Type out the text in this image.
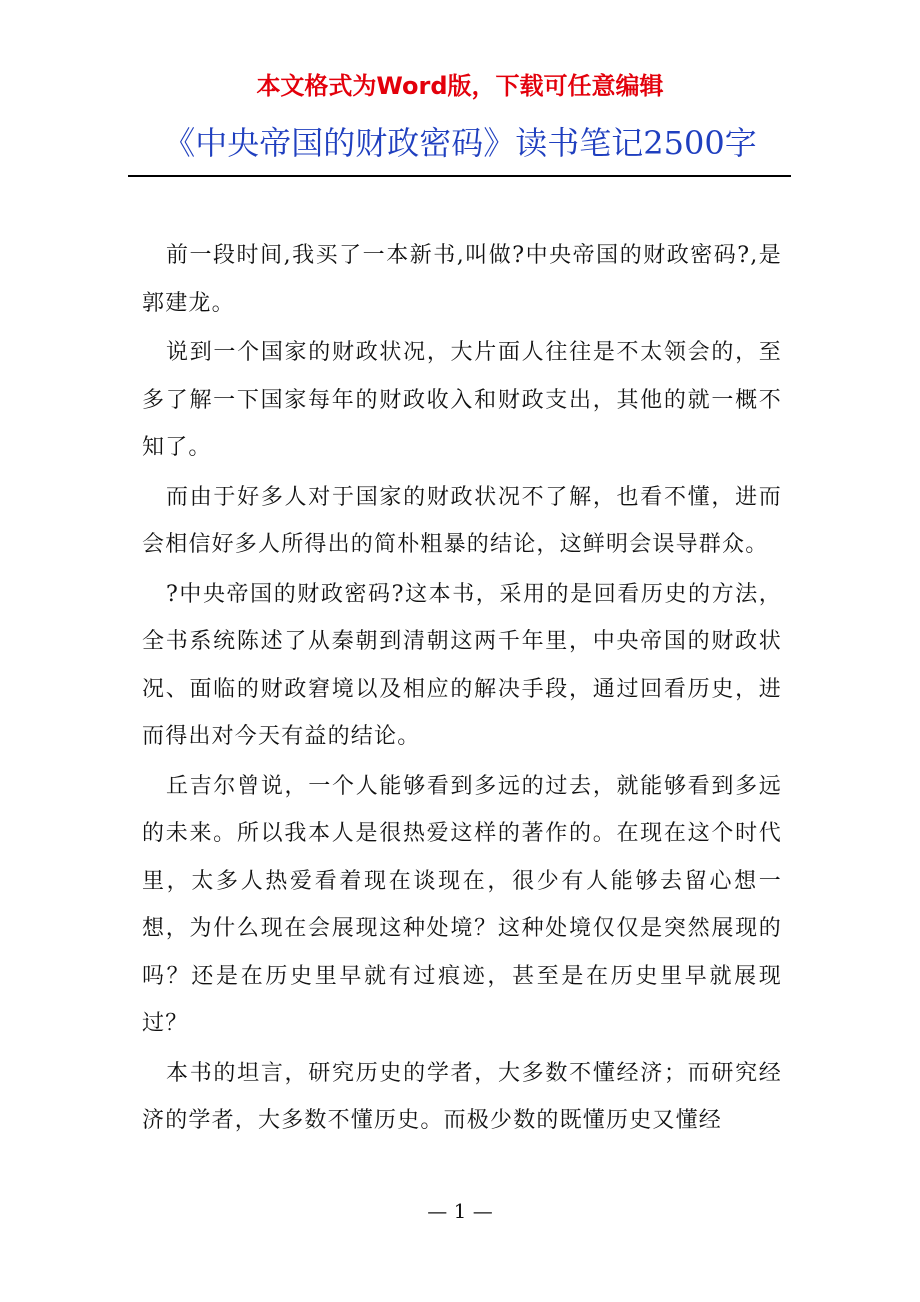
本文格式为Word版，下载可任意编辑
《中央帝国的财政密码》读书笔记2500字

前一段时间,我买了一本新书,叫做?中央帝国的财政密码?,是郭建龙。

说到一个国家的财政状况，大片面人往往是不太领会的，至多了解一下国家每年的财政收入和财政支出，其他的就一概不知了。

而由于好多人对于国家的财政状况不了解，也看不懂，进而会相信好多人所得出的简朴粗暴的结论，这鲜明会误导群众。

?中央帝国的财政密码?这本书，采用的是回看历史的方法，全书系统陈述了从秦朝到清朝这两千年里，中央帝国的财政状况、面临的财政窘境以及相应的解决手段，通过回看历史，进而得出对今天有益的结论。

丘吉尔曾说，一个人能够看到多远的过去，就能够看到多远的未来。所以我本人是很热爱这样的著作的。在现在这个时代里，太多人热爱看着现在谈现在，很少有人能够去留心想一想，为什么现在会展现这种处境？这种处境仅仅是突然展现的吗？还是在历史里早就有过痕迹，甚至是在历史里早就展现过？

本书的坦言，研究历史的学者，大多数不懂经济；而研究经济的学者，大多数不懂历史。而极少数的既懂历史又懂经

— 1 —
